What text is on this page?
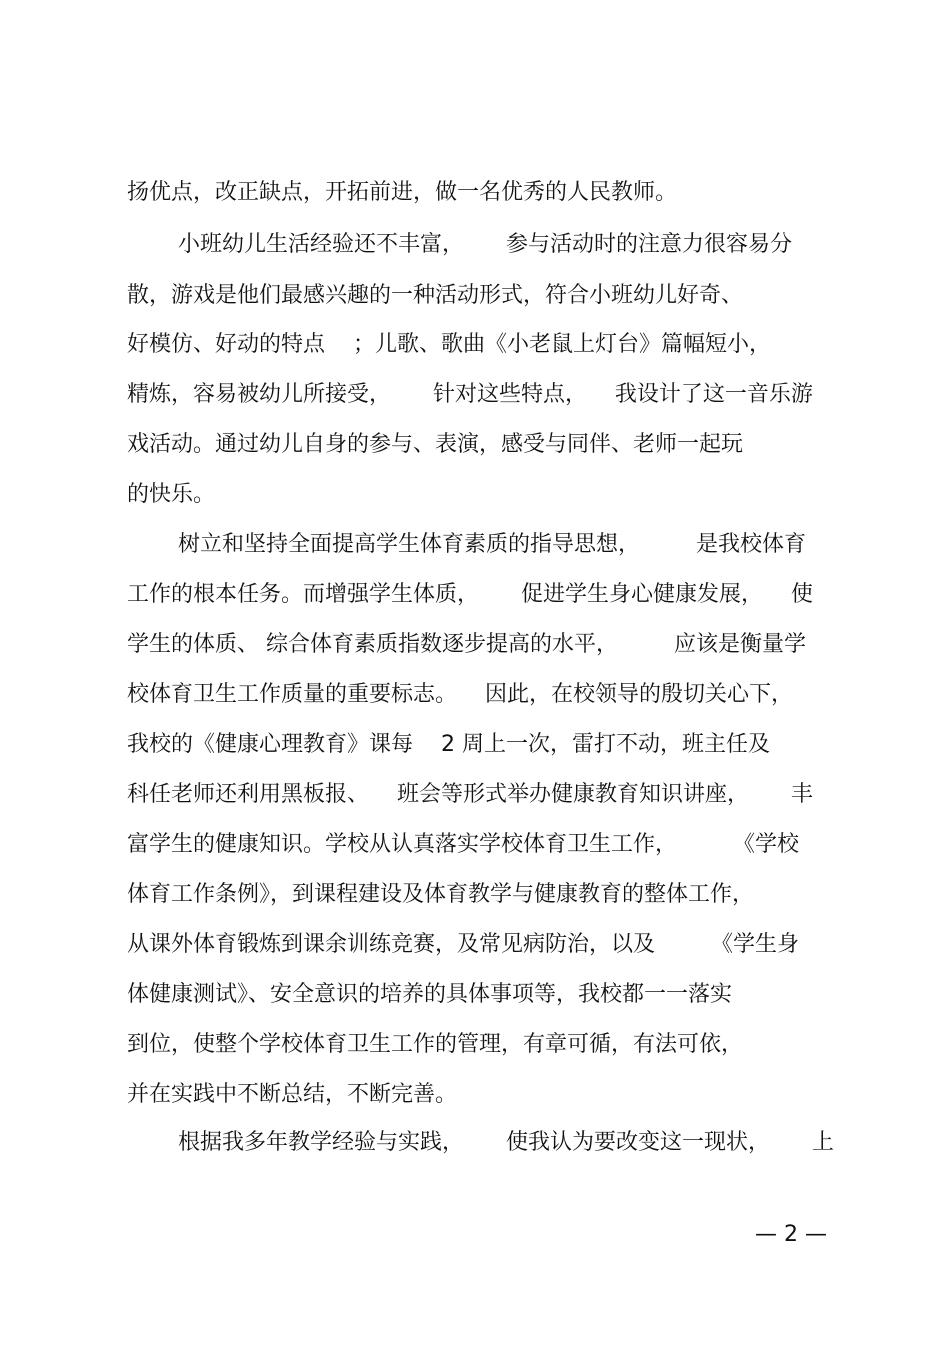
扬优点，改正缺点，开拓前进，做一名优秀的人民教师。
小班幼儿生活经验还不丰富，      参与活动时的注意力很容易分
散，游戏是他们最感兴趣的一种活动形式，符合小班幼儿好奇、
好模仿、好动的特点    ；儿歌、歌曲《小老鼠上灯台》篇幅短小，
精炼，容易被幼儿所接受，      针对这些特点，    我设计了这一音乐游
戏活动。通过幼儿自身的参与、表演，感受与同伴、老师一起玩
的快乐。
树立和坚持全面提高学生体育素质的指导思想，        是我校体育
工作的根本任务。而增强学生体质，      促进学生身心健康发展，    使
学生的体质、 综合体育素质指数逐步提高的水平，        应该是衡量学
校体育卫生工作质量的重要标志。    因此，在校领导的殷切关心下，
我校的《健康心理教育》课每    2 周上一次，雷打不动，班主任及
科任老师还利用黑板报、    班会等形式举办健康教育知识讲座，      丰
富学生的健康知识。学校从认真落实学校体育卫生工作，        《学校
体育工作条例》，到课程建设及体育教学与健康教育的整体工作，
从课外体育锻炼到课余训练竞赛，及常见病防治，以及        《学生身
体健康测试》、安全意识的培养的具体事项等，我校都一一落实
到位，使整个学校体育卫生工作的管理，有章可循，有法可依，
并在实践中不断总结，不断完善。
根据我多年教学经验与实践，      使我认为要改变这一现状，      上
— 2 —
